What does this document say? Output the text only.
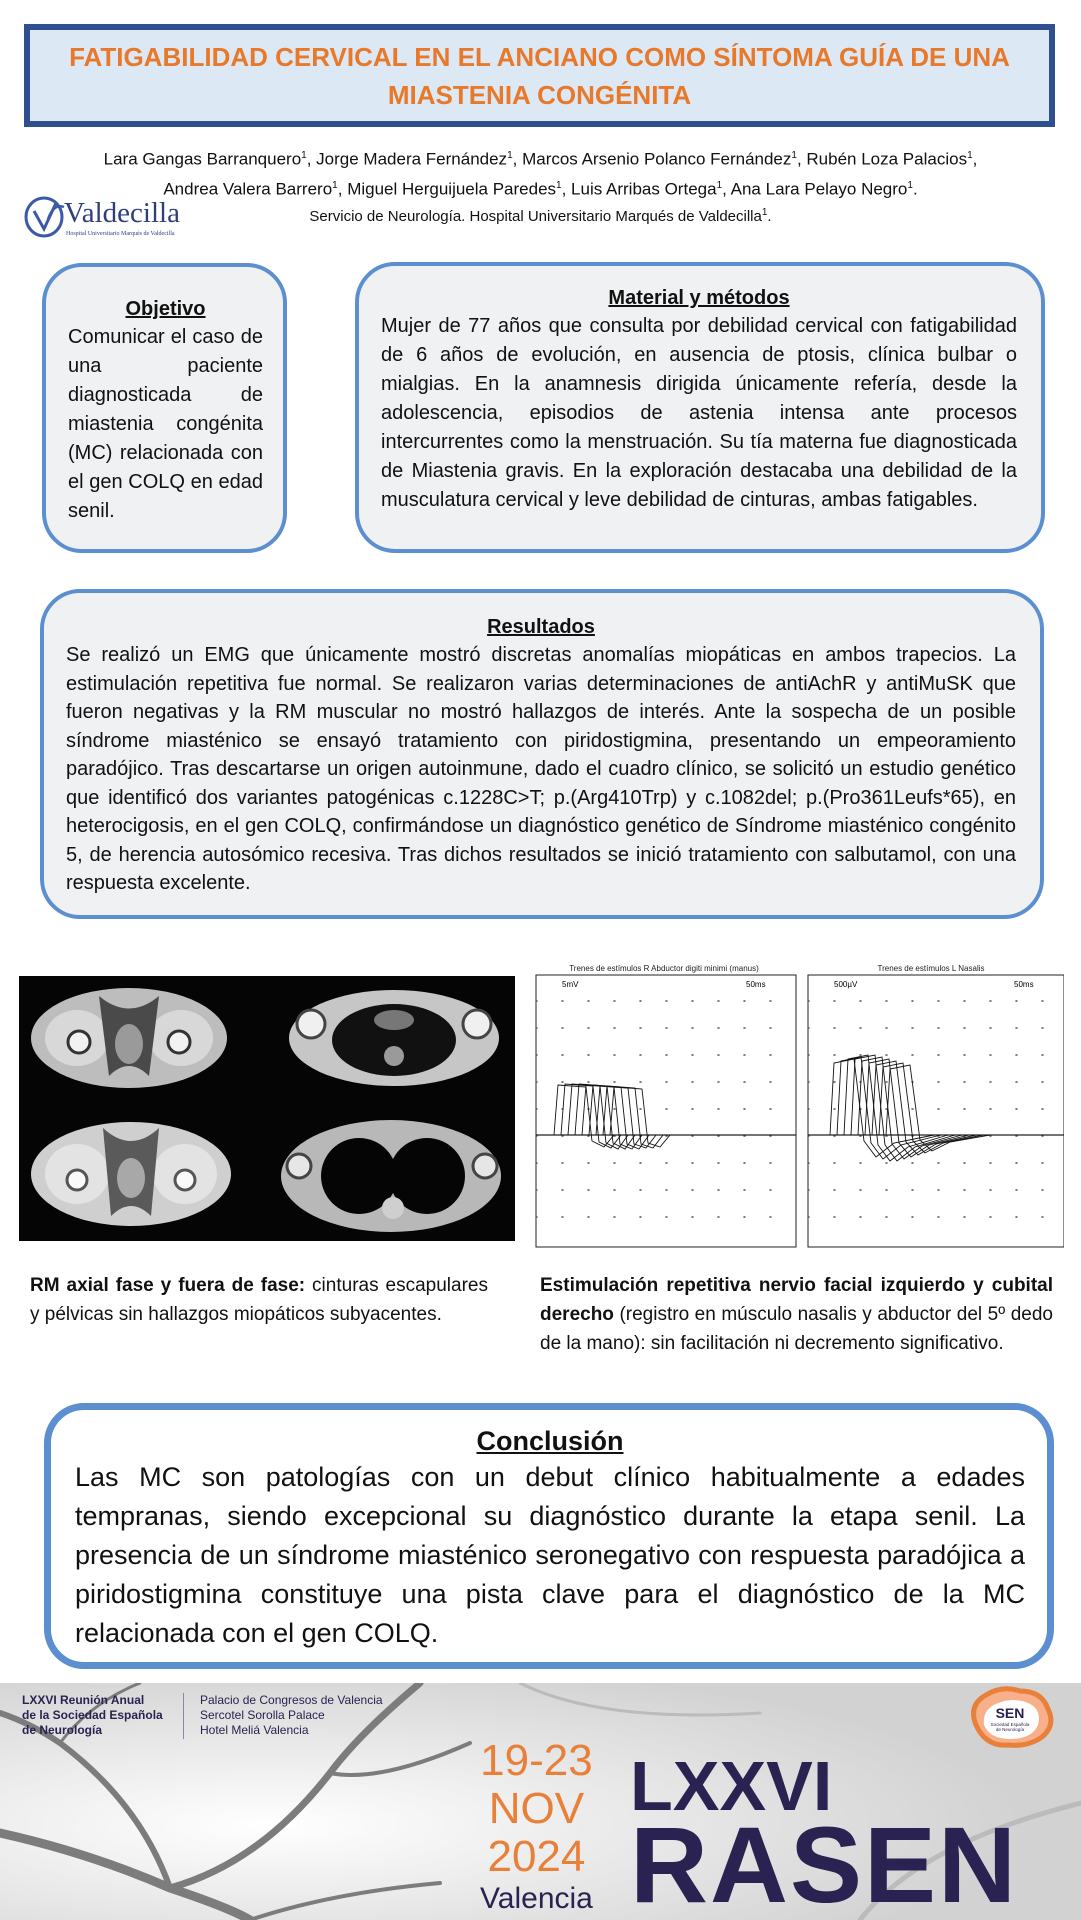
FATIGABILIDAD CERVICAL EN EL ANCIANO COMO SÍNTOMA GUÍA DE UNA MIASTENIA CONGÉNITA
Lara Gangas Barranquero$^1$, Jorge Madera Fernández$^1$, Marcos Arsenio Polanco Fernández$^1$, Rubén Loza Palacios$^1$,
Andrea Valera Barrero$^1$, Miguel Herguijuela Paredes$^1$, Luis Arribas Ortega$^1$, Ana Lara Pelayo Negro$^1$.
Servicio de Neurología. Hospital Universitario Marqués de Valdecilla$^1$.
Valdecilla
Hospital Universitario Marqués de Valdecilla
Objetivo

Comunicar el caso de una paciente diagnosticada de miastenia congénita (MC) relacionada con el gen COLQ en edad senil.

Material y métodos

Mujer de 77 años que consulta por debilidad cervical con fatigabilidad de 6 años de evolución, en ausencia de ptosis, clínica bulbar o mialgias. En la anamnesis dirigida únicamente refería, desde la adolescencia, episodios de astenia intensa ante procesos intercurrentes como la menstruación. Su tía materna fue diagnosticada de Miastenia gravis. En la exploración destacaba una debilidad de la musculatura cervical y leve debilidad de cinturas, ambas fatigables.

Resultados

Se realizó un EMG que únicamente mostró discretas anomalías miopáticas en ambos trapecios. La estimulación repetitiva fue normal. Se realizaron varias determinaciones de antiAchR y antiMuSK que fueron negativas y la RM muscular no mostró hallazgos de interés. Ante la sospecha de un posible síndrome miasténico se ensayó tratamiento con piridostigmina, presentando un empeoramiento paradójico. Tras descartarse un origen autoinmune, dado el cuadro clínico, se solicitó un estudio genético que identificó dos variantes patogénicas c.1228C>T; p.(Arg410Trp) y c.1082del; p.(Pro361Leufs*65), en heterocigosis, en el gen COLQ, confirmándose un diagnóstico genético de Síndrome miasténico congénito 5, de herencia autosómico recesiva. Tras dichos resultados se inició tratamiento con salbutamol, con una respuesta excelente.

Trenes de estímulos R Abductor digiti minimi (manus)	Trenes de estímulos L Nasalis
5mV	50ms	500µV	50ms
RM axial fase y fuera de fase: cinturas escapulares y pélvicas sin hallazgos miopáticos subyacentes.
Estimulación repetitiva nervio facial izquierdo y cubital derecho (registro en músculo nasalis y abductor del 5º dedo de la mano): sin facilitación ni decremento significativo.
Conclusión

Las MC son patologías con un debut clínico habitualmente a edades tempranas, siendo excepcional su diagnóstico durante la etapa senil. La presencia de un síndrome miasténico seronegativo con respuesta paradójica a piridostigmina constituye una pista clave para el diagnóstico de la MC relacionada con el gen COLQ.

LXXVI Reunión Anual
de la Sociedad Española
de Neurología
Palacio de Congresos de Valencia
Sercotel Sorolla Palace
Hotel Meliá Valencia
19-23
NOV
2024
Valencia
LXXVI
RASEN
SEN
Sociedad Española
de Neurología
